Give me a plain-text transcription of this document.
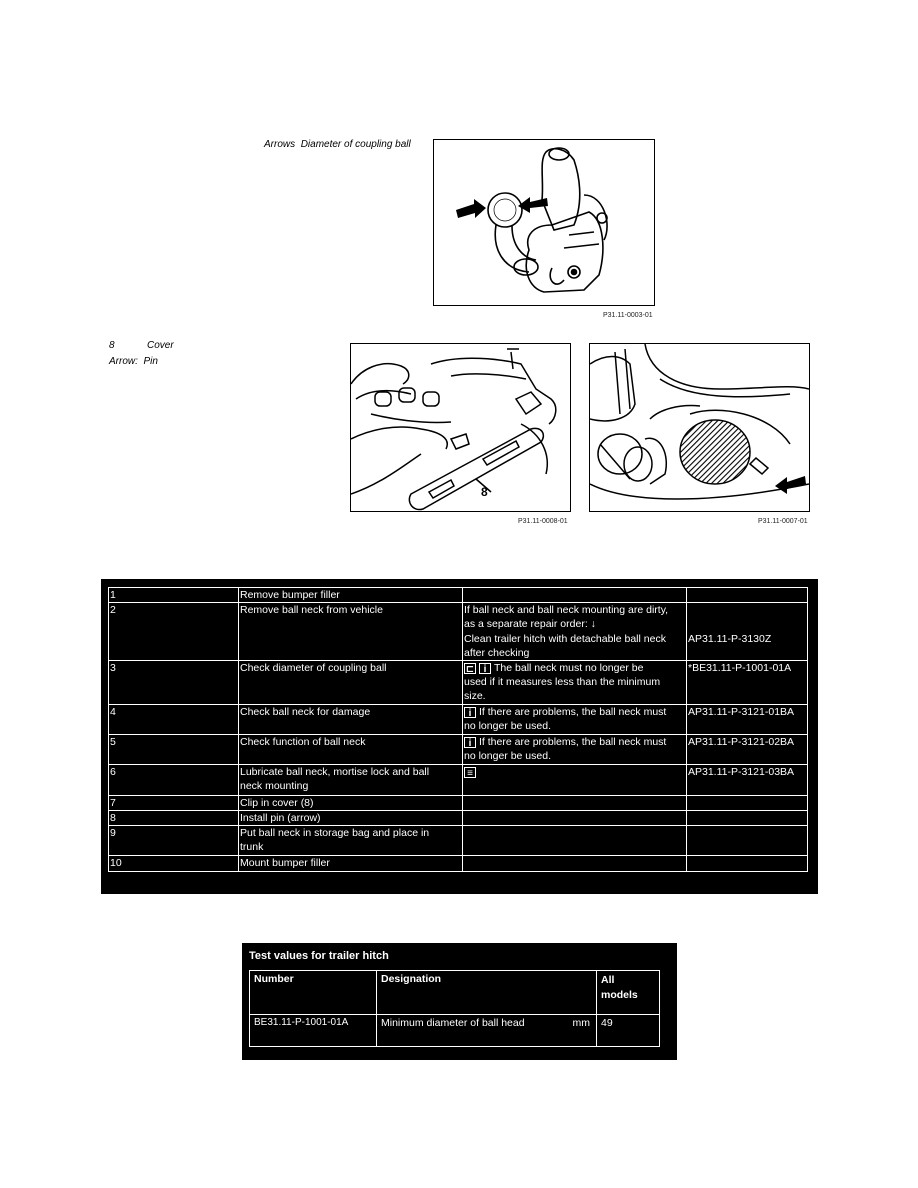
Arrows Diameter of coupling ball
P31.11-0003-01
8	Cover
Arrow: Pin
8
P31.11-0008-01	P31.11-0007-01
1	Remove bumper filler		
2	Remove ball neck from vehicle	If ball neck and ball neck mounting are dirty,
as a separate repair order: ↓
Clean trailer hitch with detachable ball neck
after checking	AP31.11-P-3130Z

3	Check diameter of coupling ball	⊏ i The ball neck must no longer be
used if it measures less than the minimum
size.	*BE31.11-P-1001-01A
4	Check ball neck for damage	i If there are problems, the ball neck must
no longer be used.	AP31.11-P-3121-01BA
5	Check function of ball neck	i If there are problems, the ball neck must
no longer be used.	AP31.11-P-3121-02BA
6	Lubricate ball neck, mortise lock and ball
neck mounting	≡	AP31.11-P-3121-03BA
7	Clip in cover (8)		
8	Install pin (arrow)		
9	Put ball neck in storage bag and place in
trunk		

10	Mount bumper filler		
Test values for trailer hitch
Number	Designation	All
models

BE31.11-P-1001-01A	Minimum diameter of ball head mm	49
